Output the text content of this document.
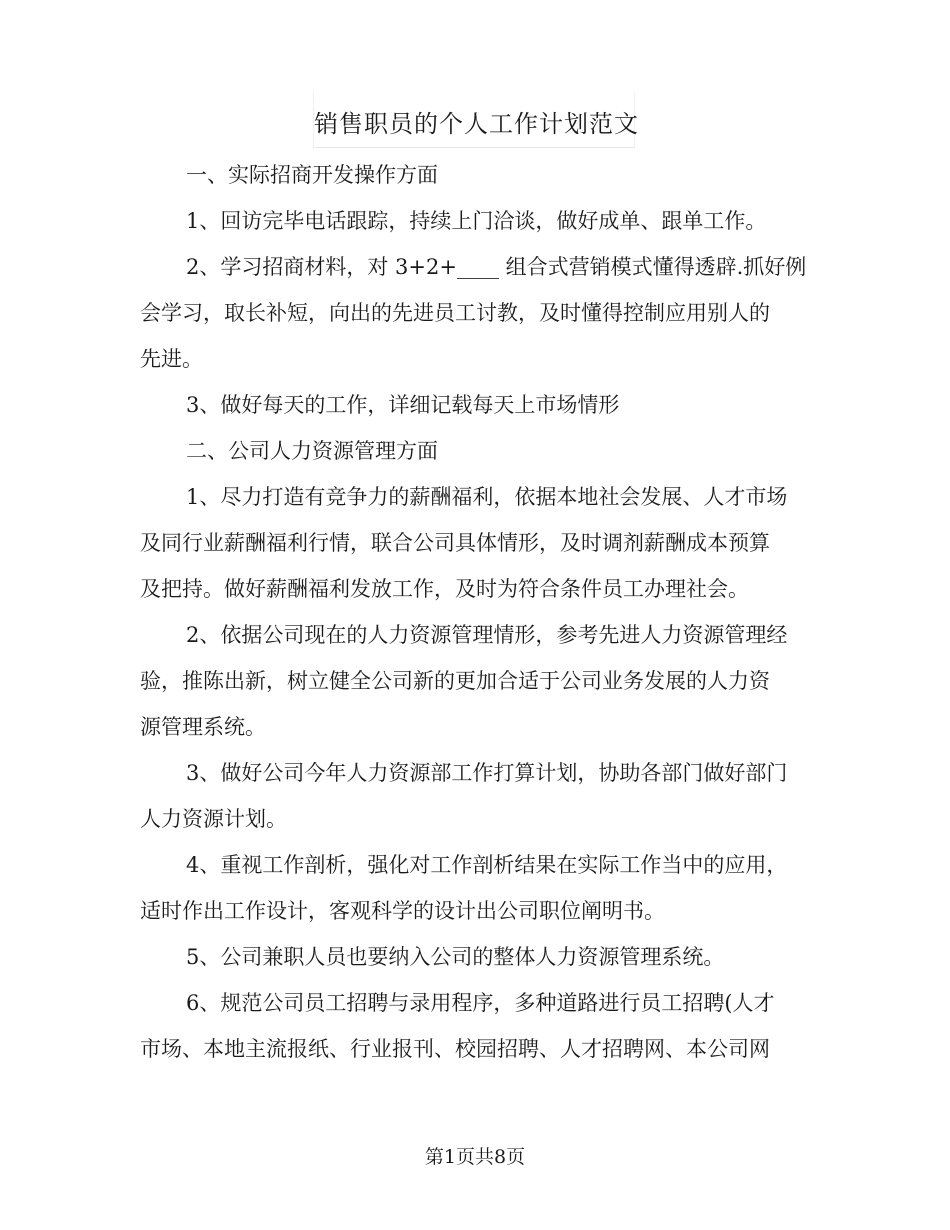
销售职员的个人工作计划范文
一、实际招商开发操作方面
1、回访完毕电话跟踪，持续上门洽谈，做好成单、跟单工作。
2、学习招商材料，对 3+2+____ 组合式营销模式懂得透辟.抓好例
会学习，取长补短，向出的先进员工讨教，及时懂得控制应用别人的
先进。
3、做好每天的工作，详细记载每天上市场情形
二、公司人力资源管理方面
1、尽力打造有竞争力的薪酬福利，依据本地社会发展、人才市场
及同行业薪酬福利行情，联合公司具体情形，及时调剂薪酬成本预算
及把持。做好薪酬福利发放工作，及时为符合条件员工办理社会。
2、依据公司现在的人力资源管理情形，参考先进人力资源管理经
验，推陈出新，树立健全公司新的更加合适于公司业务发展的人力资
源管理系统。
3、做好公司今年人力资源部工作打算计划，协助各部门做好部门
人力资源计划。
4、重视工作剖析，强化对工作剖析结果在实际工作当中的应用，
适时作出工作设计，客观科学的设计出公司职位阐明书。
5、公司兼职人员也要纳入公司的整体人力资源管理系统。
6、规范公司员工招聘与录用程序，多种道路进行员工招聘(人才
市场、本地主流报纸、行业报刊、校园招聘、人才招聘网、本公司网
第1页共8页
